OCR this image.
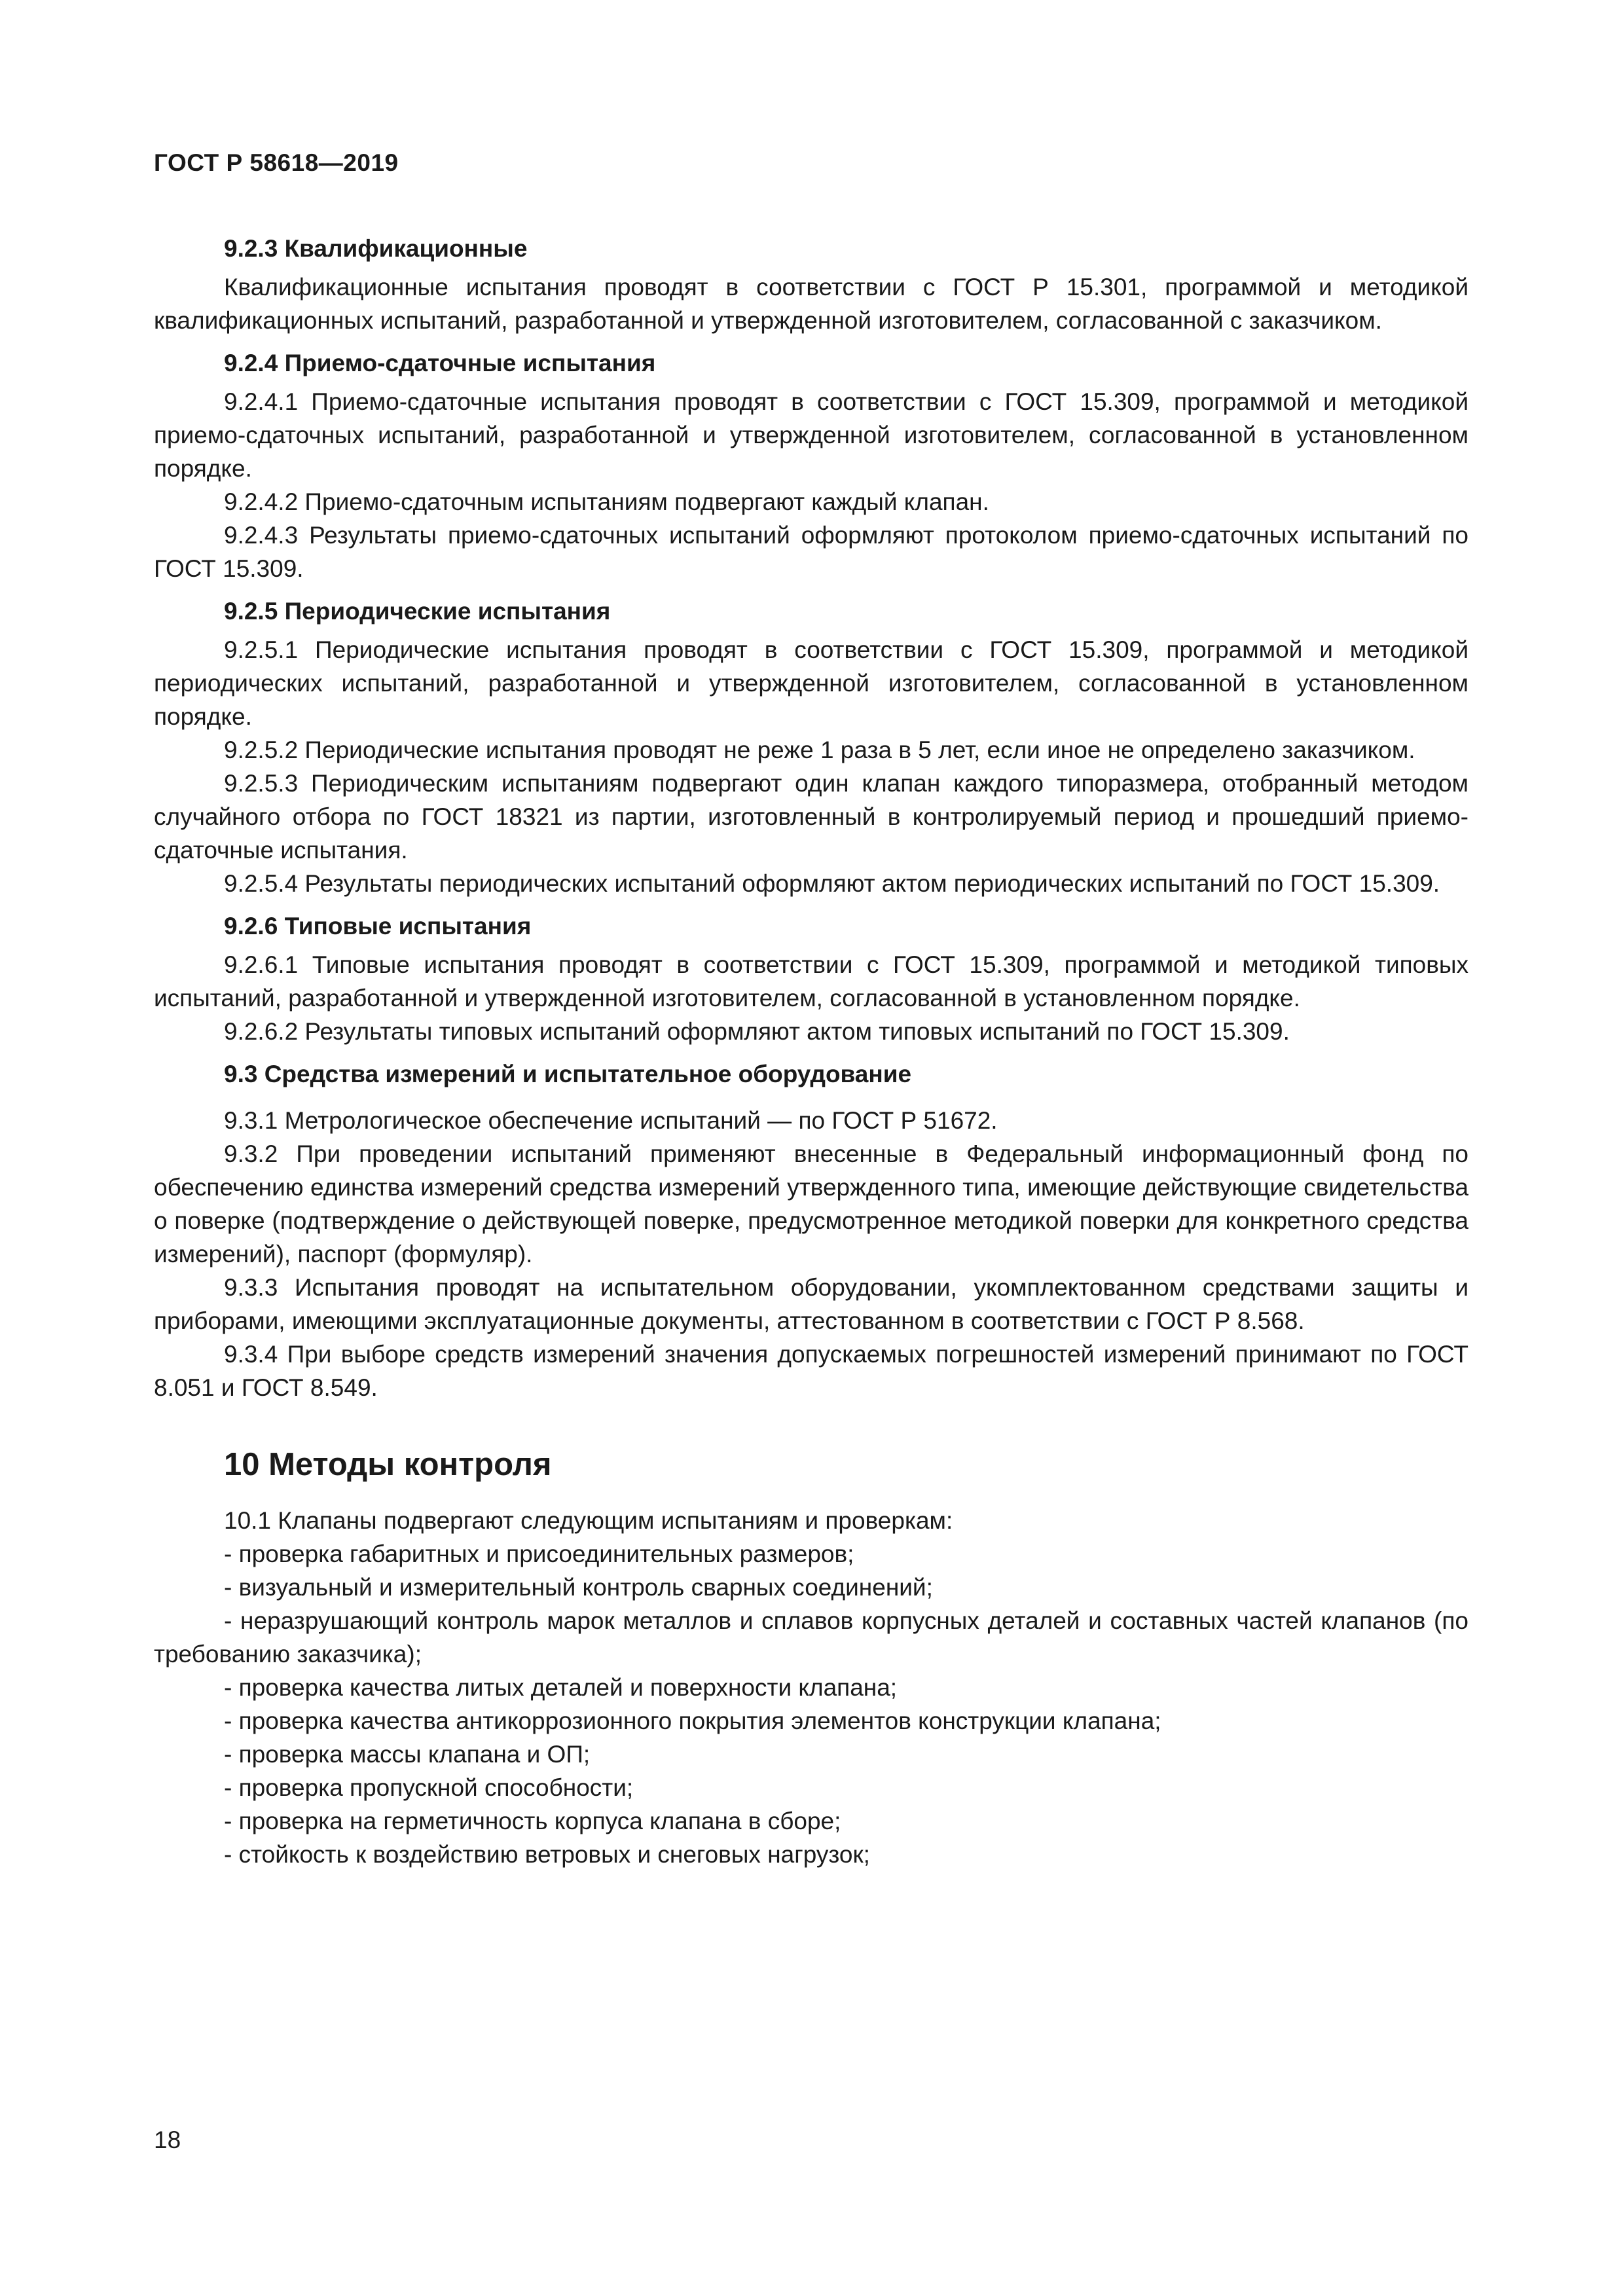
ГОСТ Р 58618—2019

9.2.3 Квалификационные

Квалификационные испытания проводят в соответствии с ГОСТ Р 15.301, программой и методикой квалификационных испытаний, разработанной и утвержденной изготовителем, согласованной с заказчиком.

9.2.4 Приемо-сдаточные испытания

9.2.4.1 Приемо-сдаточные испытания проводят в соответствии с ГОСТ 15.309, программой и методикой приемо-сдаточных испытаний, разработанной и утвержденной изготовителем, согласованной в установленном порядке.

9.2.4.2 Приемо-сдаточным испытаниям подвергают каждый клапан.

9.2.4.3 Результаты приемо-сдаточных испытаний оформляют протоколом приемо-сдаточных испытаний по ГОСТ 15.309.

9.2.5 Периодические испытания

9.2.5.1 Периодические испытания проводят в соответствии с ГОСТ 15.309, программой и методикой периодических испытаний, разработанной и утвержденной изготовителем, согласованной в установленном порядке.

9.2.5.2 Периодические испытания проводят не реже 1 раза в 5 лет, если иное не определено заказчиком.

9.2.5.3 Периодическим испытаниям подвергают один клапан каждого типоразмера, отобранный методом случайного отбора по ГОСТ 18321 из партии, изготовленный в контролируемый период и прошедший приемо-сдаточные испытания.

9.2.5.4 Результаты периодических испытаний оформляют актом периодических испытаний по ГОСТ 15.309.

9.2.6 Типовые испытания

9.2.6.1 Типовые испытания проводят в соответствии с ГОСТ 15.309, программой и методикой типовых испытаний, разработанной и утвержденной изготовителем, согласованной в установленном порядке.

9.2.6.2 Результаты типовых испытаний оформляют актом типовых испытаний по ГОСТ 15.309.

9.3 Средства измерений и испытательное оборудование

9.3.1 Метрологическое обеспечение испытаний — по ГОСТ Р 51672.

9.3.2 При проведении испытаний применяют внесенные в Федеральный информационный фонд по обеспечению единства измерений средства измерений утвержденного типа, имеющие действующие свидетельства о поверке (подтверждение о действующей поверке, предусмотренное методикой поверки для конкретного средства измерений), паспорт (формуляр).

9.3.3 Испытания проводят на испытательном оборудовании, укомплектованном средствами защиты и приборами, имеющими эксплуатационные документы, аттестованном в соответствии с ГОСТ Р 8.568.

9.3.4 При выборе средств измерений значения допускаемых погрешностей измерений принимают по ГОСТ 8.051 и ГОСТ 8.549.

10 Методы контроля

10.1 Клапаны подвергают следующим испытаниям и проверкам:

- проверка габаритных и присоединительных размеров;

- визуальный и измерительный контроль сварных соединений;

- неразрушающий контроль марок металлов и сплавов корпусных деталей и составных частей клапанов (по требованию заказчика);

- проверка качества литых деталей и поверхности клапана;

- проверка качества антикоррозионного покрытия элементов конструкции клапана;

- проверка массы клапана и ОП;

- проверка пропускной способности;

- проверка на герметичность корпуса клапана в сборе;

- стойкость к воздействию ветровых и снеговых нагрузок;

18
